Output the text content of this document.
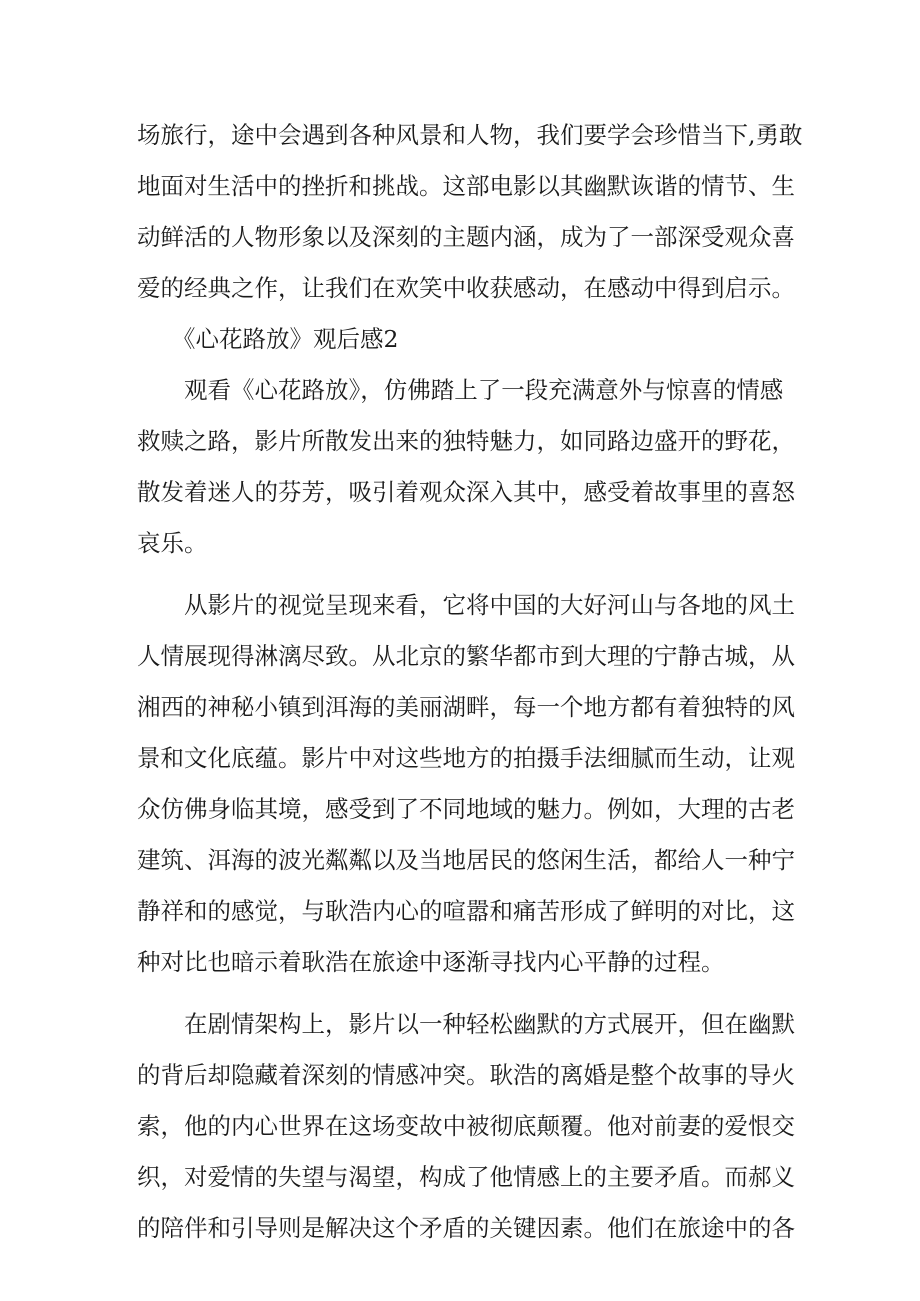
场旅行，途中会遇到各种风景和人物，我们要学会珍惜当下,勇敢
地面对生活中的挫折和挑战。这部电影以其幽默诙谐的情节、生
动鲜活的人物形象以及深刻的主题内涵，成为了一部深受观众喜
爱的经典之作，让我们在欢笑中收获感动，在感动中得到启示。
《心花路放》观后感2
观看《心花路放》，仿佛踏上了一段充满意外与惊喜的情感
救赎之路，影片所散发出来的独特魅力，如同路边盛开的野花，
散发着迷人的芬芳，吸引着观众深入其中，感受着故事里的喜怒
哀乐。
从影片的视觉呈现来看，它将中国的大好河山与各地的风土
人情展现得淋漓尽致。从北京的繁华都市到大理的宁静古城，从
湘西的神秘小镇到洱海的美丽湖畔，每一个地方都有着独特的风
景和文化底蕴。影片中对这些地方的拍摄手法细腻而生动，让观
众仿佛身临其境，感受到了不同地域的魅力。例如，大理的古老
建筑、洱海的波光粼粼以及当地居民的悠闲生活，都给人一种宁
静祥和的感觉，与耿浩内心的喧嚣和痛苦形成了鲜明的对比，这
种对比也暗示着耿浩在旅途中逐渐寻找内心平静的过程。
在剧情架构上，影片以一种轻松幽默的方式展开，但在幽默
的背后却隐藏着深刻的情感冲突。耿浩的离婚是整个故事的导火
索，他的内心世界在这场变故中被彻底颠覆。他对前妻的爱恨交
织，对爱情的失望与渴望，构成了他情感上的主要矛盾。而郝义
的陪伴和引导则是解决这个矛盾的关键因素。他们在旅途中的各
